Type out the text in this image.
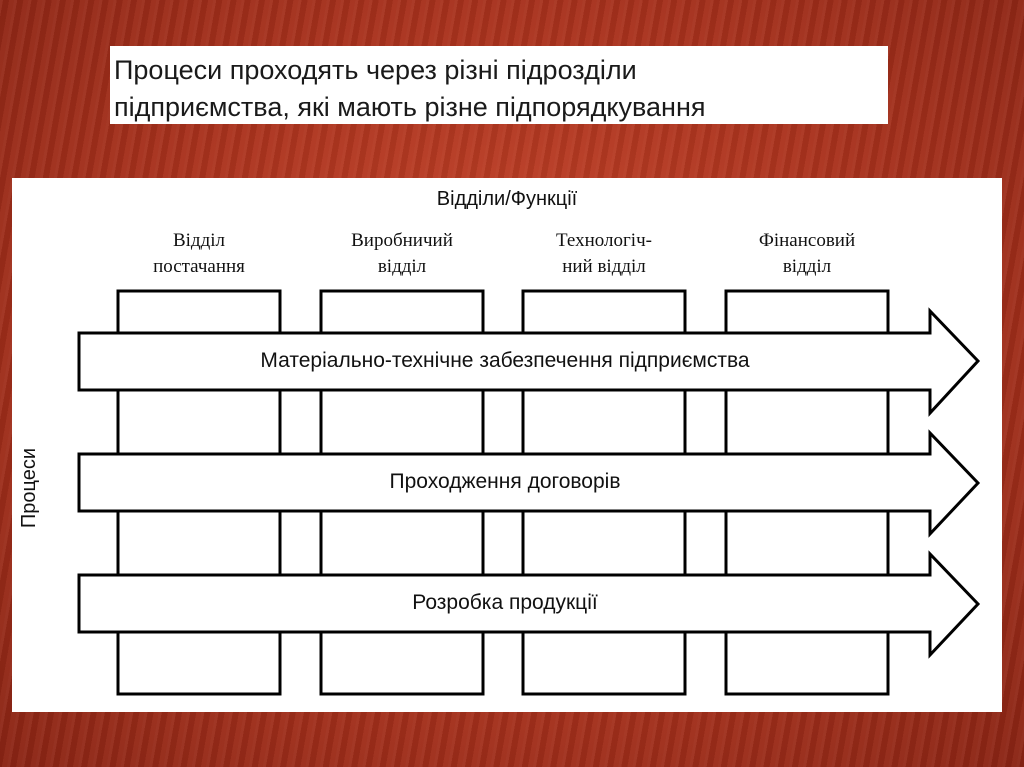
Процеси проходять через різні підрозділи
підприємства, які мають різне підпорядкування
Відділи/Функції
Відділ
постачання
Виробничий
відділ
Технологіч-
ний відділ
Фінансовий
відділ
Процеси
Матеріально-технічне забезпечення підприємства
Проходження договорів
Розробка продукції
